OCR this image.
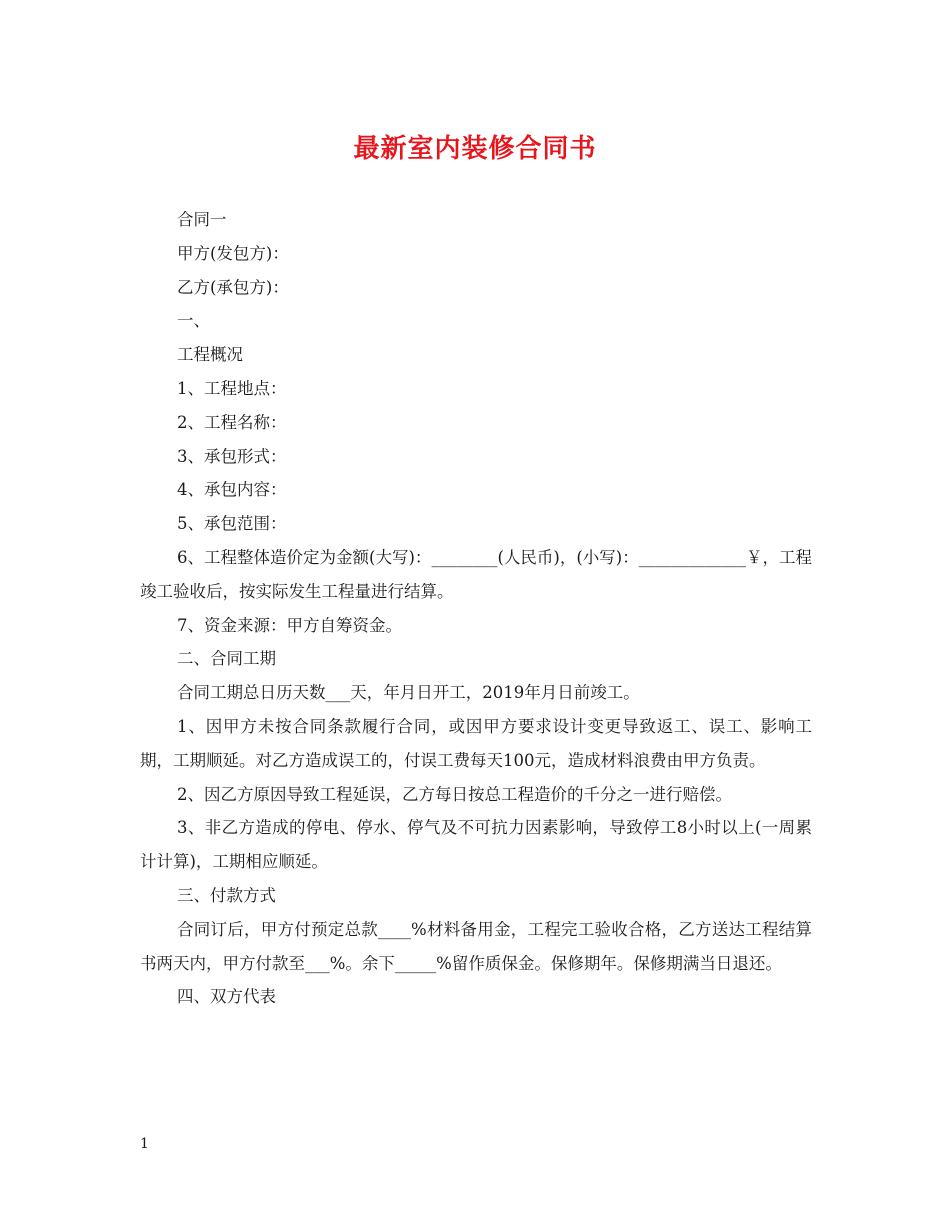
最新室内装修合同书

合同一

甲方(发包方)：

乙方(承包方)：

一、

工程概况

1、工程地点：

2、工程名称：

3、承包形式：

4、承包内容：

5、承包范围：

6、工程整体造价定为金额(大写)：________(人民币)，(小写)：_____________￥，工程竣工验收后，按实际发生工程量进行结算。

7、资金来源：甲方自筹资金。

二、合同工期

合同工期总日历天数___天，年月日开工，2019年月日前竣工。

1、因甲方未按合同条款履行合同，或因甲方要求设计变更导致返工、误工、影响工期，工期顺延。对乙方造成误工的，付误工费每天100元，造成材料浪费由甲方负责。

2、因乙方原因导致工程延误，乙方每日按总工程造价的千分之一进行赔偿。

3、非乙方造成的停电、停水、停气及不可抗力因素影响，导致停工8小时以上(一周累计计算)，工期相应顺延。

三、付款方式

合同订后，甲方付预定总款____%材料备用金，工程完工验收合格，乙方送达工程结算书两天内，甲方付款至___%。余下_____%留作质保金。保修期年。保修期满当日退还。

四、双方代表

1
